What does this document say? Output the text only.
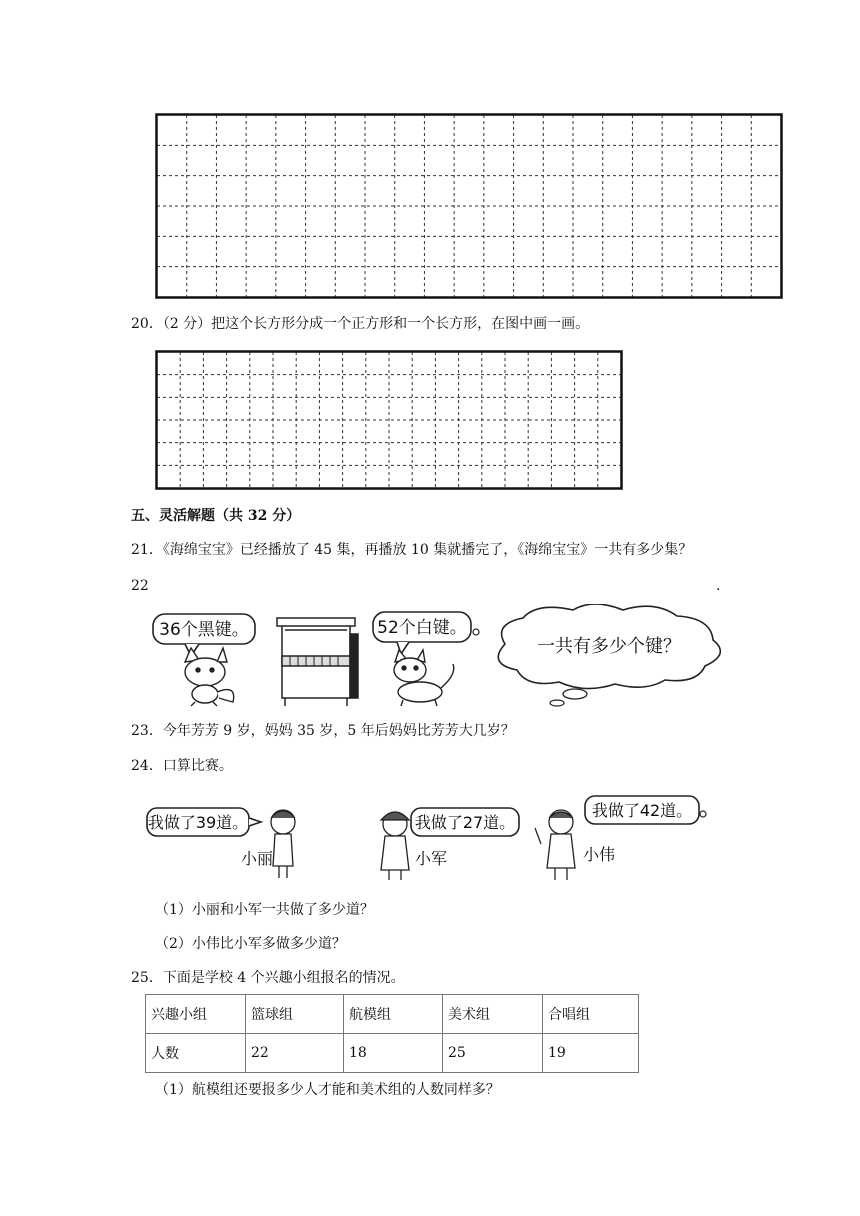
20．（2 分）把这个长方形分成一个正方形和一个长方形，在图中画一画。
五、灵活解题（共 32 分）
21．《海绵宝宝》已经播放了 45 集，再播放 10 集就播完了，《海绵宝宝》一共有多少集？
22	.
36个黑键。	52个白键。
一共有多少个键？
23．今年芳芳 9 岁，妈妈 35 岁，5 年后妈妈比芳芳大几岁？
24．口算比赛。
我做了39道。
小丽
我做了27道。
小军
我做了42道。
小伟
（1）小丽和小军一共做了多少道？
（2）小伟比小军多做多少道？
25．下面是学校 4 个兴趣小组报名的情况。
兴趣小组	篮球组	航模组	美术组	合唱组
人数	22	18	25	19
（1）航模组还要报多少人才能和美术组的人数同样多？
